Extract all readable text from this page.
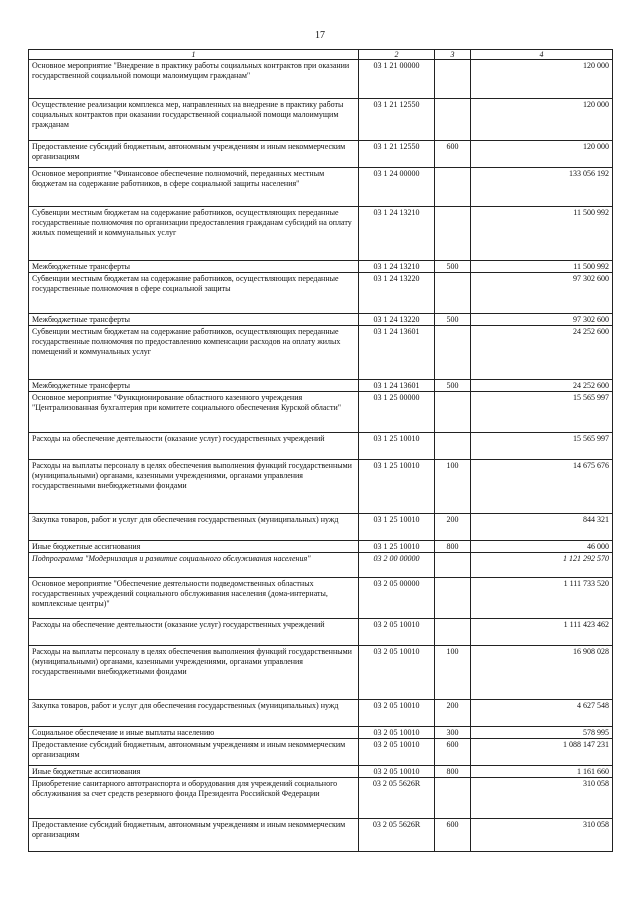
17
1	2	3	4
Основное мероприятие "Внедрение в практику работы социальных контрактов при оказании государственной социальной помощи малоимущим гражданам"	03 1 21 00000		120 000
Осуществление реализации комплекса мер, направленных на внедрение в практику работы социальных контрактов при оказании государственной социальной помощи малоимущим гражданам	03 1 21 12550		120 000
Предоставление субсидий бюджетным, автономным учреждениям и иным некоммерческим организациям	03 1 21 12550	600	120 000
Основное мероприятие "Финансовое обеспечение полномочий, переданных местным бюджетам на содержание работников, в сфере социальной защиты населения"	03 1 24 00000		133 056 192
Субвенции местным бюджетам на содержание работников, осуществляющих переданные государственные полномочия по организации предоставления гражданам субсидий на оплату жилых помещений и коммунальных услуг	03 1 24 13210		11 500 992
Межбюджетные трансферты	03 1 24 13210	500	11 500 992
Субвенции местным бюджетам на содержание работников, осуществляющих переданные государственные полномочия в сфере социальной защиты	03 1 24 13220		97 302 600
Межбюджетные трансферты	03 1 24 13220	500	97 302 600
Субвенции местным бюджетам на содержание работников, осуществляющих переданные государственные полномочия по предоставлению компенсации расходов на оплату жилых помещений и коммунальных услуг	03 1 24 13601		24 252 600
Межбюджетные трансферты	03 1 24 13601	500	24 252 600
Основное мероприятие "Функционирование областного казенного учреждения "Централизованная бухгалтерия при комитете социального обеспечения Курской области"	03 1 25 00000		15 565 997
Расходы на обеспечение деятельности (оказание услуг) государственных учреждений	03 1 25 10010		15 565 997
Расходы на выплаты персоналу в целях обеспечения выполнения функций государственными (муниципальными) органами, казенными учреждениями, органами управления государственными внебюджетными фондами	03 1 25 10010	100	14 675 676
Закупка товаров, работ и услуг для обеспечения государственных (муниципальных) нужд	03 1 25 10010	200	844 321
Иные бюджетные ассигнования	03 1 25 10010	800	46 000
Подпрограмма "Модернизация и развитие социального обслуживания населения"	03 2 00 00000		1 121 292 570
Основное мероприятие "Обеспечение деятельности подведомственных областных государственных учреждений социального обслуживания населения (дома-интернаты, комплексные центры)"	03 2 05 00000		1 111 733 520
Расходы на обеспечение деятельности (оказание услуг) государственных учреждений	03 2 05 10010		1 111 423 462
Расходы на выплаты персоналу в целях обеспечения выполнения функций государственными (муниципальными) органами, казенными учреждениями, органами управления государственными внебюджетными фондами	03 2 05 10010	100	16 908 028
Закупка товаров, работ и услуг для обеспечения государственных (муниципальных) нужд	03 2 05 10010	200	4 627 548
Социальное обеспечение и иные выплаты населению	03 2 05 10010	300	578 995
Предоставление субсидий бюджетным, автономным учреждениям и иным некоммерческим организациям	03 2 05 10010	600	1 088 147 231
Иные бюджетные ассигнования	03 2 05 10010	800	1 161 660
Приобретение санитарного автотранспорта и оборудования для учреждений социального обслуживания за счет средств резервного фонда Президента Российской Федерации	03 2 05 5626R		310 058
Предоставление субсидий бюджетным, автономным учреждениям и иным некоммерческим организациям	03 2 05 5626R	600	310 058
